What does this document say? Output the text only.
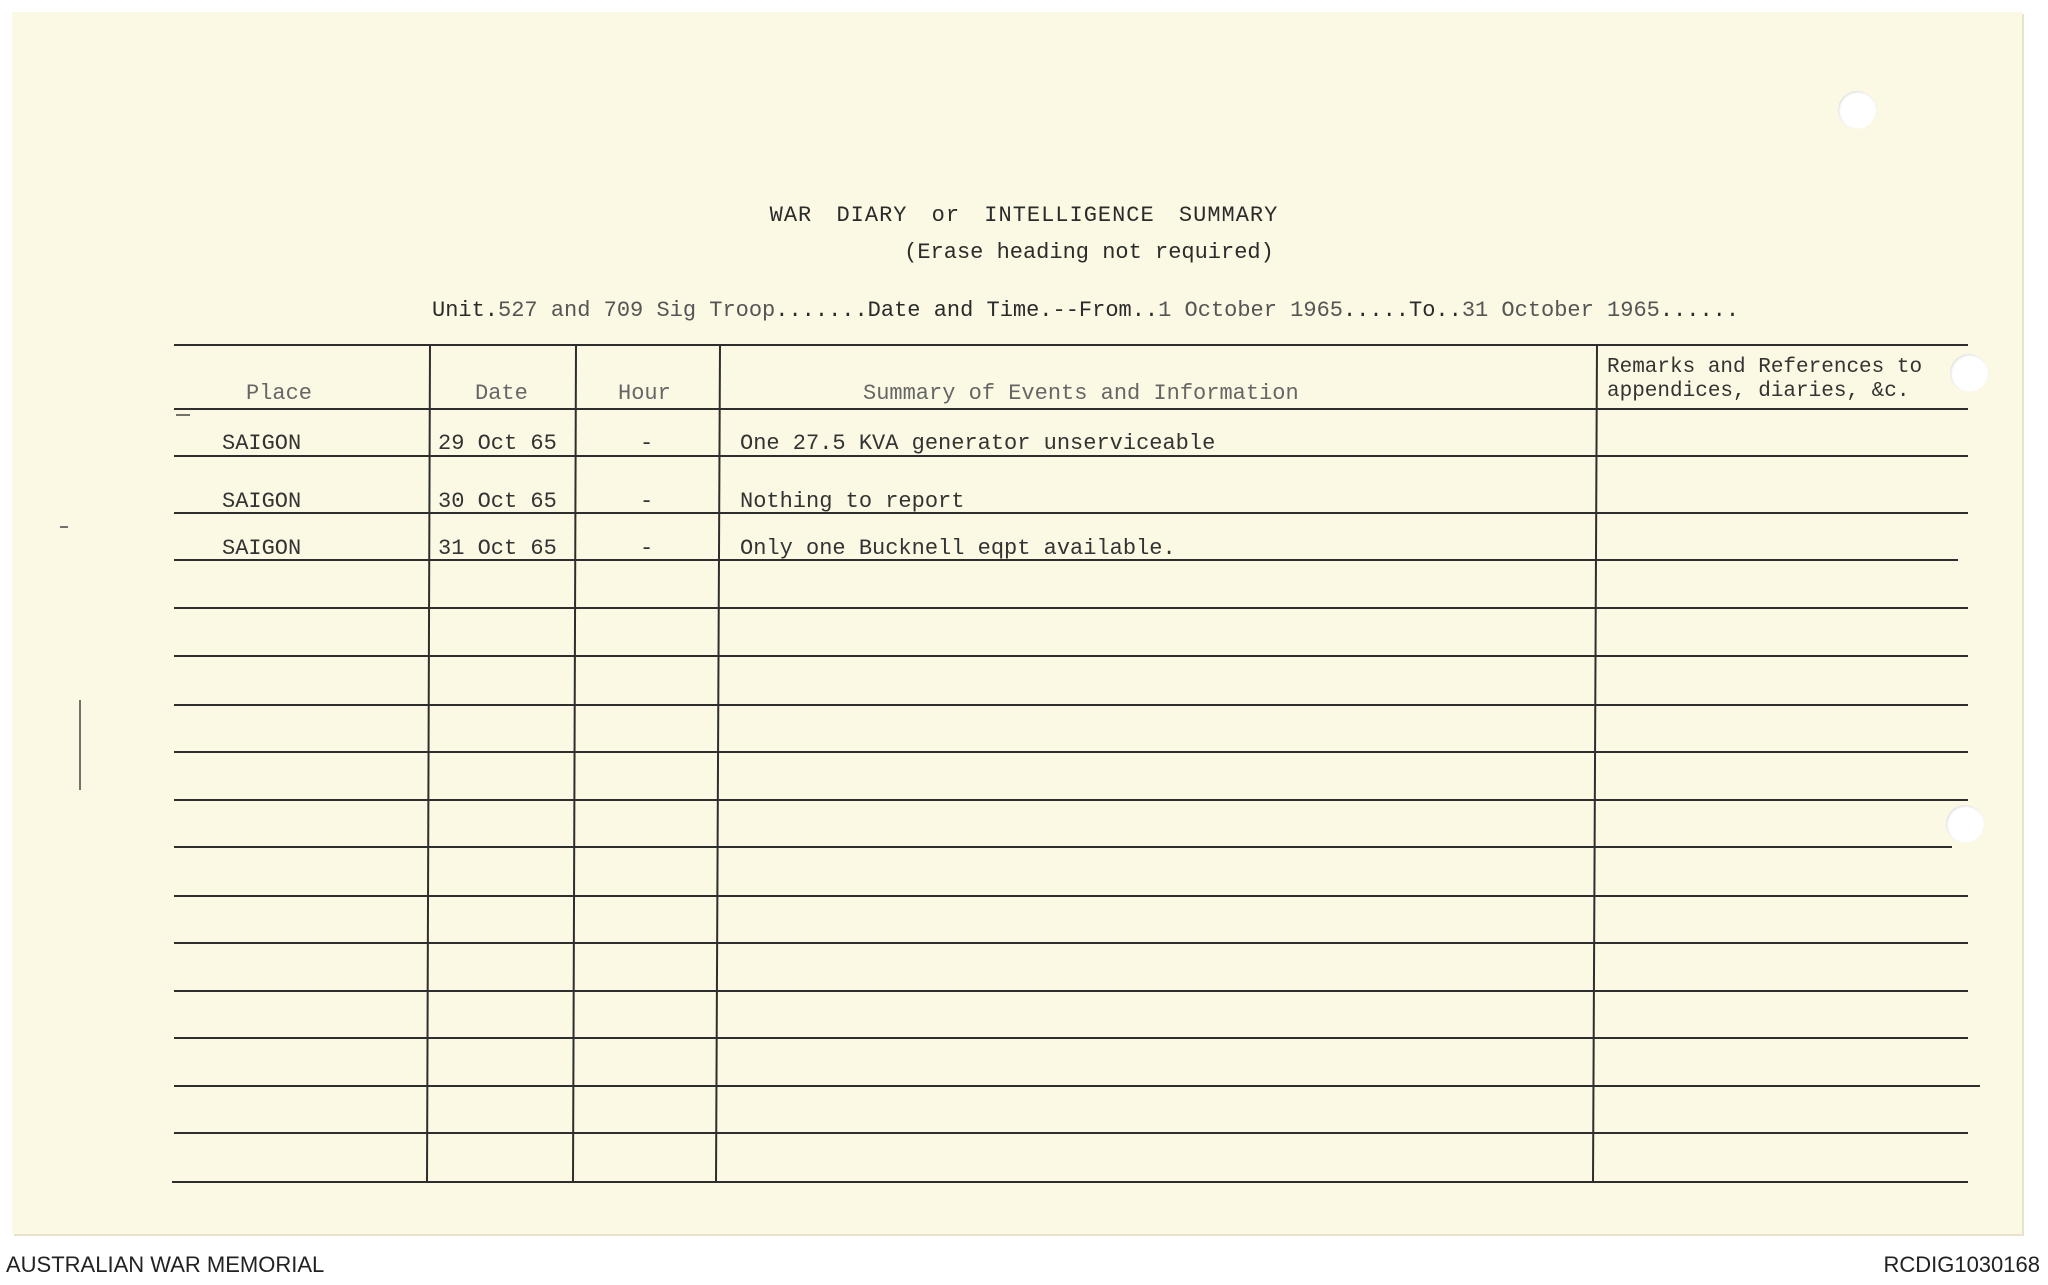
WAR DIARY or INTELLIGENCE SUMMARY
(Erase heading not required)
Unit.527 and 709 Sig Troop.......Date and Time.--From..1 October 1965.....To..31 October 1965......
Place	Date	Hour	Summary of Events and Information
Remarks and References to
appendices, diaries, &c.
SAIGON	29 Oct 65	-	One 27.5 KVA generator unserviceable
SAIGON	30 Oct 65	-	Nothing to report
SAIGON	31 Oct 65	-	Only one Bucknell eqpt available.
AUSTRALIAN WAR MEMORIAL	RCDIG1030168
